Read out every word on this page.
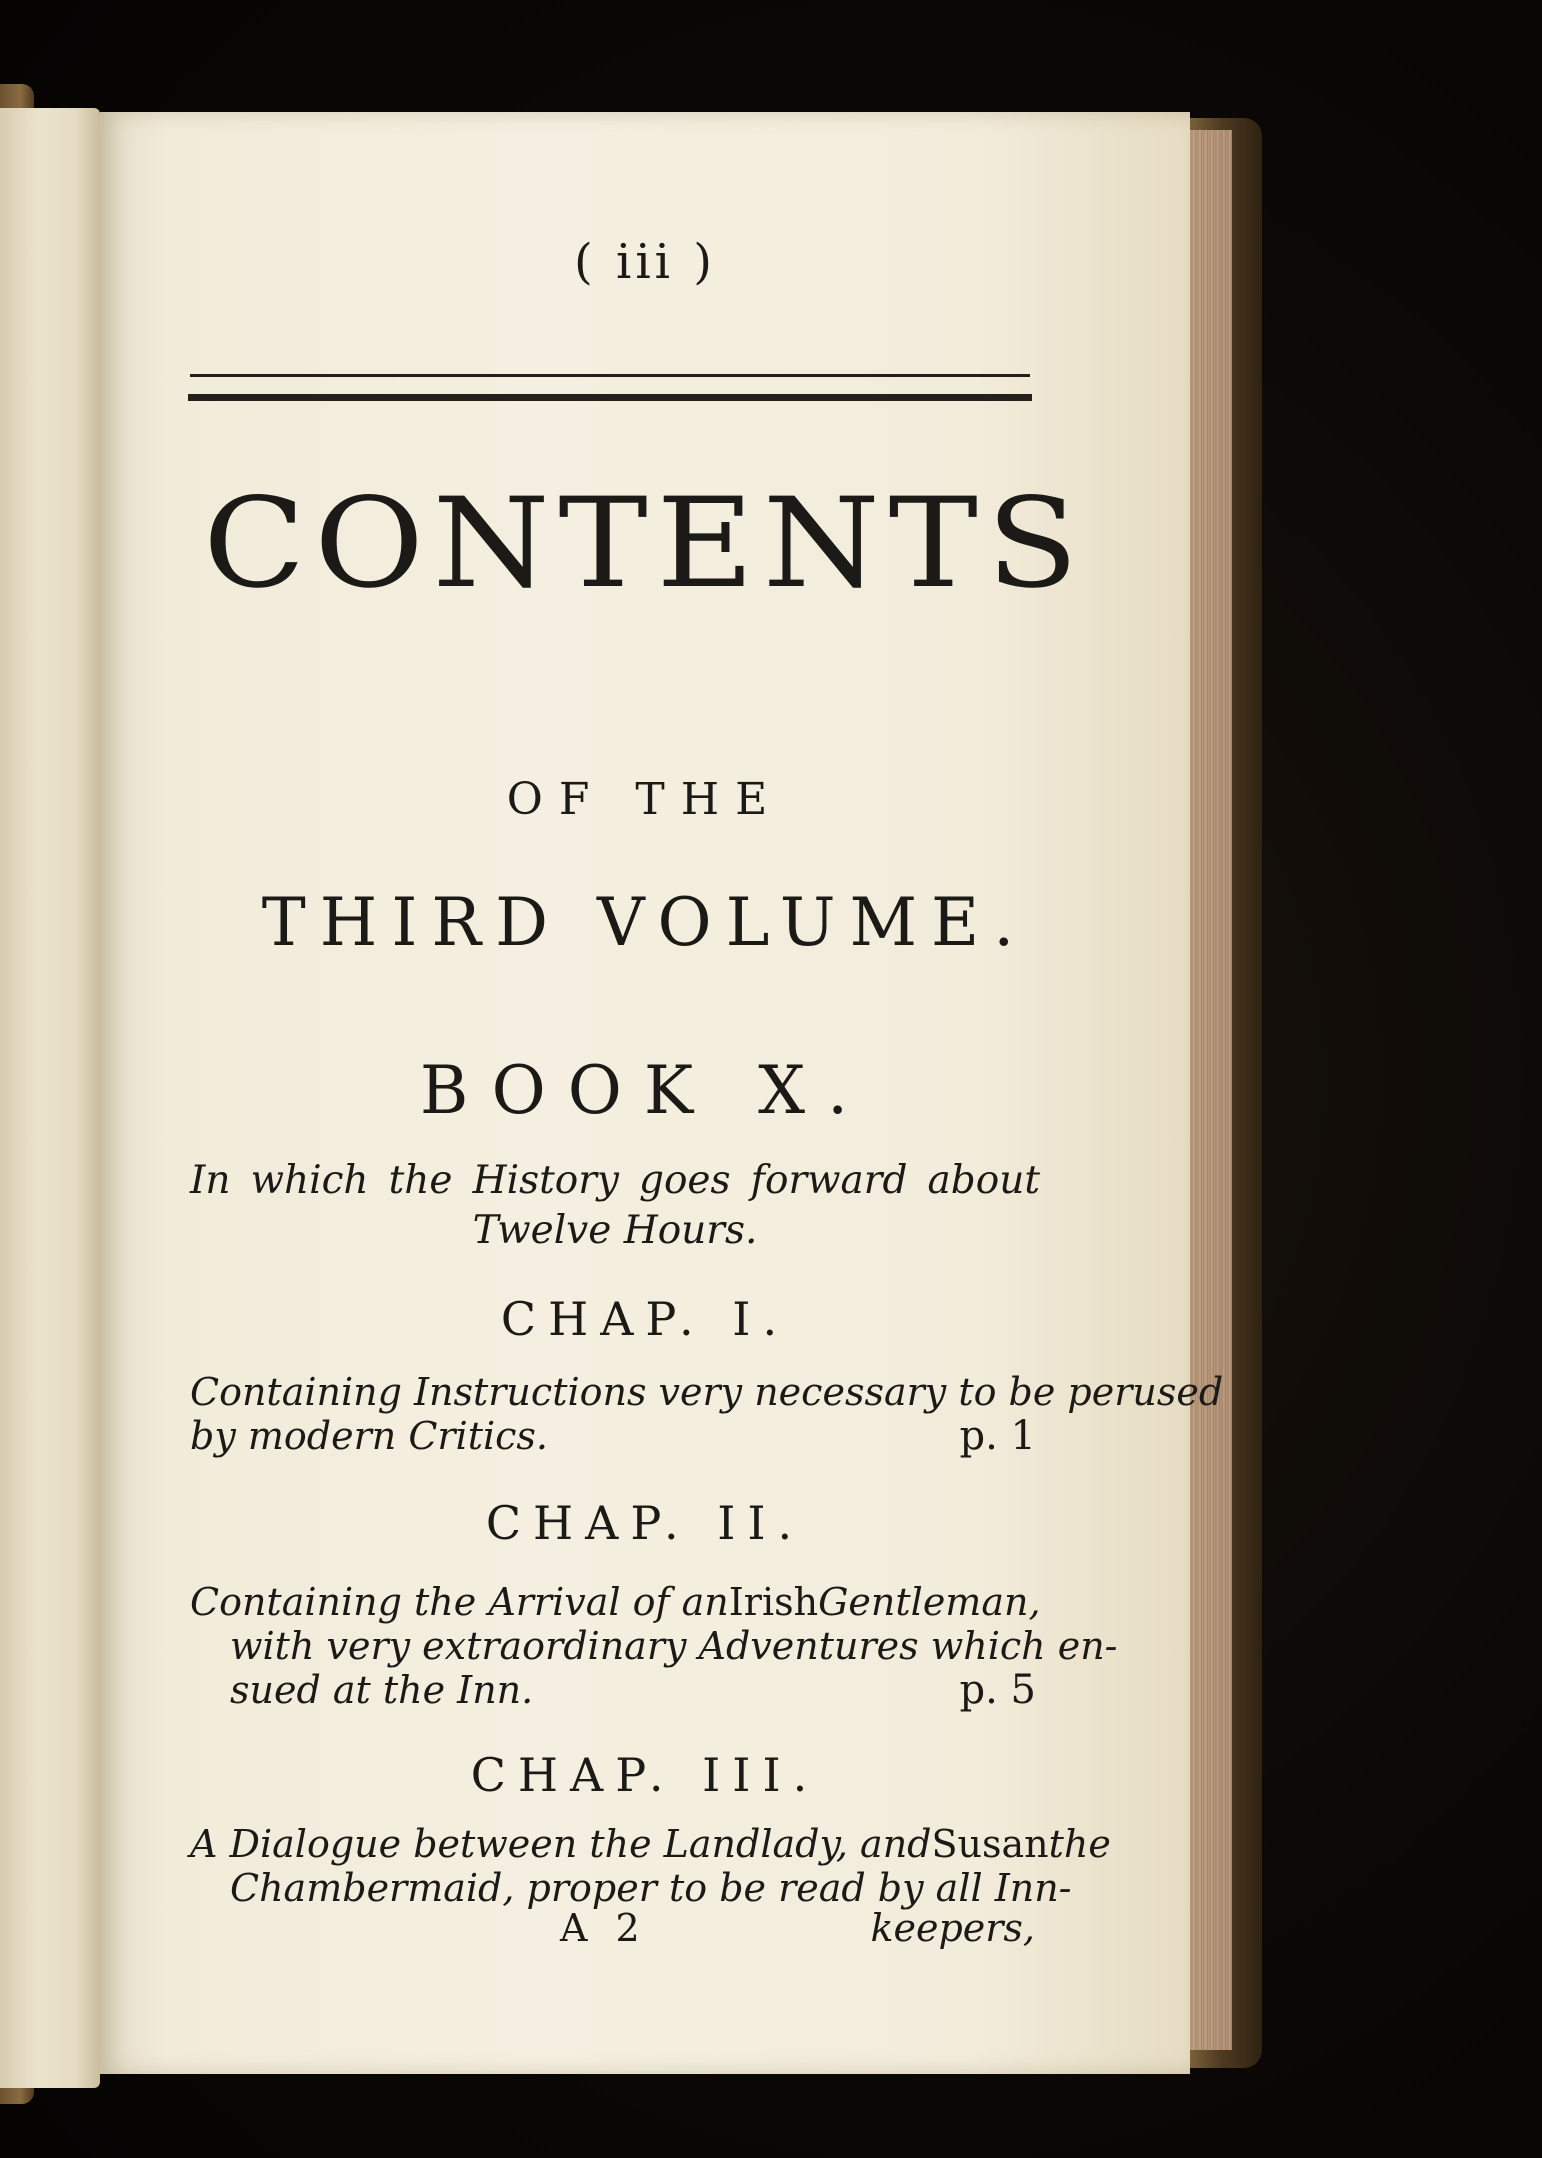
( iii )
CONTENTS
OF THE
THIRD VOLUME.
BOOK X.
In which the History goes forward about
Twelve Hours.
CHAP. I.
Containing Instructions very necessary to be perused
by modern Critics.	p. 1
CHAP. II.
Containing the Arrival of an Irish Gentleman,
with very extraordinary Adventures which en-
sued at the Inn.	p. 5
CHAP. III.
A Dialogue between the Landlady, and Susan the
Chambermaid, proper to be read by all Inn-
A 2	keepers,
